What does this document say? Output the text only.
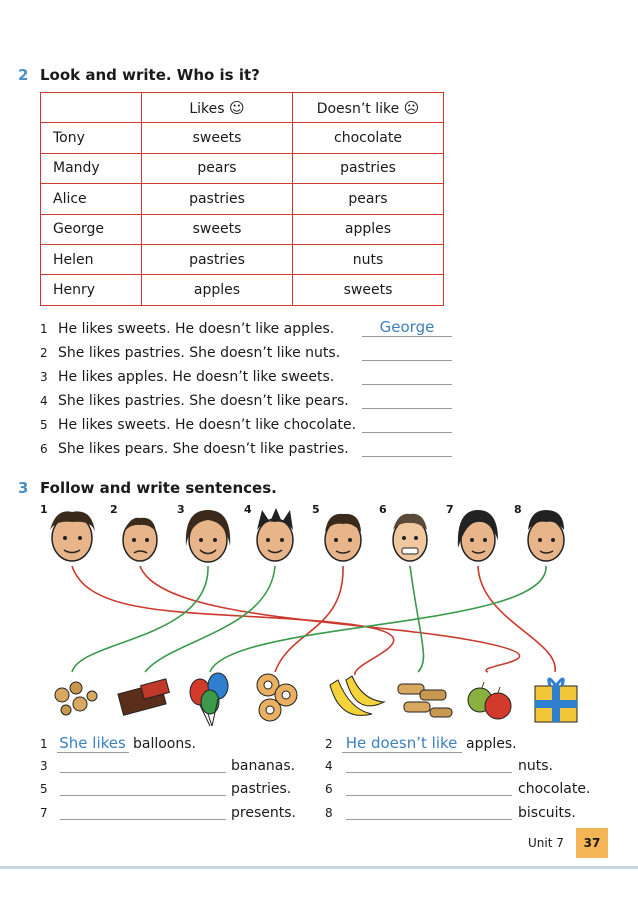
2 Look and write. Who is it?
	Likes ☺	Doesn’t like ☹
Tony	sweets	chocolate
Mandy	pears	pastries
Alice	pastries	pears
George	sweets	apples
Helen	pastries	nuts
Henry	apples	sweets
1 He likes sweets. He doesn’t like apples.
2 She likes pastries. She doesn’t like nuts.
3 He likes apples. He doesn’t like sweets.
4 She likes pastries. She doesn’t like pears.
5 He likes sweets. He doesn’t like chocolate.
6 She likes pears. She doesn’t like pastries.
George
3 Follow and write sentences.
1	2	3	4	5	6	7	8
1 She likes balloons.	2 He doesn’t like apples.
3	bananas. 4	nuts.
5	pastries.	6	chocolate.
7	presents. 8	biscuits.
Unit 7	37
